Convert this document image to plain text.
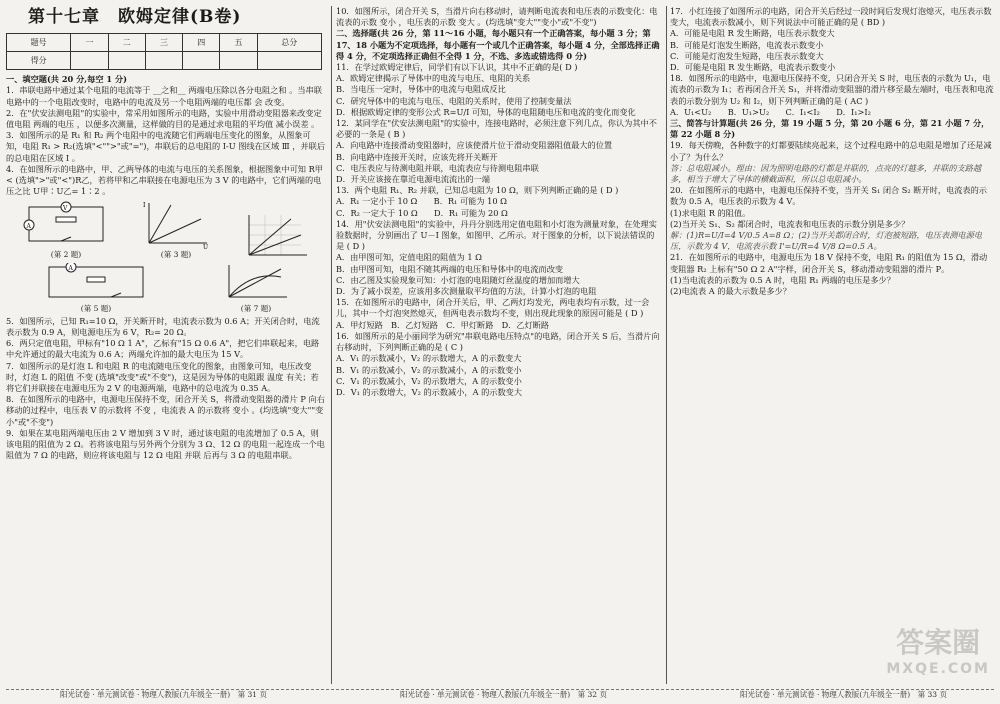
第十七章　欧姆定律(B卷)
题号	一	二	三	四	五	总分
得分						

一、填空题(共 20 分,每空 1 分)

1．串联电路中通过某个电阻的电流等于 __之和__ 两端电压除以各分电阻之和 。当串联电路中的一个电阻改变时，电路中的电流及另一个电阻两端的电压都 会 改变。

2．在"伏安法测电阻"的实验中，常采用如图所示的电路，实验中用滑动变阻器来改变定值电阻 两端的电压 ，以便多次测量，这样做的目的是通过求电阻的平均值 减小误差 。

3．如图所示的是 R₁ 和 R₂ 两个电阻中的电流随它们两端电压变化的图象，从图象可知，电阻 R₁ > R₂(选填"<"">"或"=")，串联后的总电阻的 I-U 图线在区域 Ⅲ ，并联后的总电阻在区域 Ⅰ 。

4．在如图所示的电路中，甲、乙两导体的电流与电压的关系图象，根据图象中可知 R甲 < (选填">"或"<")R乙，若将甲和乙串联接在电源电压为 3 V 的电路中，它们两端的电压之比 U甲∶U乙= 1∶2 。

V
A
(第 2 题)
I
U
(第 3 题)
A
(第 5 题)	(第 7 题)

5．如图所示，已知 R₁=10 Ω，开关断开时，电流表示数为 0.6 A；开关闭合时，电流表示数为 0.9 A，则电源电压为 6 V，R₂= 20 Ω。

6．两只定值电阻，甲标有"10 Ω 1 A"，乙标有"15 Ω 0.6 A"，把它们串联起来，电路中允许通过的最大电流为 0.6 A；两端允许加的最大电压为 15 V。

7．如图所示的是灯泡 L 和电阻 R 的电流随电压变化的图象，由图象可知，电压改变时，灯泡 L 的阻值 不变 (选填"改变"或"不变")，这是因为导体的电阻跟 温度 有关；若将它们并联接在电源电压为 2 V 的电源两端，电路中的总电流为 0.35 A。

8．在如图所示的电路中，电源电压保持不变，闭合开关 S，将滑动变阻器的滑片 P 向右移动的过程中，电压表 V 的示数将 不变 ，电流表 A 的示数将 变小 。(均选填"变大""变小"或"不变")

9．如果在某电阻两端电压由 2 V 增加到 3 V 时，通过该电阻的电流增加了 0.5 A，则该电阻的阻值为 2 Ω。若将该电阻与另外两个分别为 3 Ω、12 Ω 的电阻一起连成一个电阻值为 7 Ω 的电路，则应将该电阻与 12 Ω 电阻 并联 后再与 3 Ω 的电阻串联。

10．如图所示，闭合开关 S，当滑片向右移动时，请判断电流表和电压表的示数变化：电流表的示数 变小 ，电压表的示数 变大 。(均选填"变大""变小"或"不变")

二、选择题(共 26 分，第 11～16 小题，每小题只有一个正确答案，每小题 3 分；第 17、18 小题为不定项选择，每小题有一个或几个正确答案，每小题 4 分，全部选择正确得 4 分，不定项选择正确但不全得 1 分，不选、多选或错选得 0 分)

11．在学过欧姆定律后，同学们有以下认识，其中不正确的是( D )

A．欧姆定律揭示了导体中的电流与电压、电阻的关系

B．当电压一定时，导体中的电流与电阻成反比

C．研究导体中的电流与电压、电阻的关系时，使用了控制变量法

D．根据欧姆定律的变形公式 R=U/I 可知，导体的电阻随电压和电流的变化而变化

12．某同学在"伏安法测电阻"的实验中，连接电路时，必须注意下列几点，你认为其中不必要的一条是 ( B )

A．向电路中连接滑动变阻器时，应该使滑片位于滑动变阻器阻值最大的位置

B．向电路中连接开关时，应该先将开关断开

C．电压表应与待测电阻并联，电流表应与待测电阻串联

D．开关应该接在靠近电源电流流出的一端

13．两个电阻 R₁、R₂ 并联，已知总电阻为 10 Ω，则下列判断正确的是 ( D )

A．R₁ 一定小于 10 Ω　　B．R₁ 可能为 10 Ω

C．R₂ 一定大于 10 Ω　　D．R₁ 可能为 20 Ω

14．用"伏安法测电阻"的实验中，丹丹分别选用定值电阻和小灯泡为测量对象，在处理实验数据时，分别画出了 U－I 图象，如图甲、乙所示。对于图象的分析，以下说法错误的是 ( D )

A．由甲图可知，定值电阻的阻值为 1 Ω

B．由甲图可知，电阻不随其两端的电压和导体中的电流而改变

C．由乙图及实验现象可知：小灯泡的电阻随灯丝温度的增加而增大

D．为了减小误差，应该用多次测量取平均值的方法，计算小灯泡的电阻

15．在如图所示的电路中，闭合开关后，甲、乙两灯均发光，两电表均有示数，过一会儿，其中一个灯泡突然熄灭，但两电表示数均不变，则出现此现象的原因可能是 ( D )

A．甲灯短路　B．乙灯短路　C．甲灯断路　D．乙灯断路

16．如图所示的是小丽同学为研究"串联电路电压特点"的电路，闭合开关 S 后，当滑片向右移动时，下列判断正确的是 ( C )

A．V₁ 的示数减小，V₂ 的示数增大，A 的示数变大

B．V₁ 的示数减小，V₂ 的示数减小，A 的示数变小

C．V₁ 的示数减小，V₂ 的示数增大，A 的示数变小

D．V₁ 的示数增大，V₂ 的示数减小，A 的示数变大

17．小红连接了如图所示的电路，闭合开关后经过一段时间后发现灯泡熄灭，电压表示数变大，电流表示数减小，则下列说法中可能正确的是 ( BD )

A．可能是电阻 R 发生断路，电压表示数变大

B．可能是灯泡发生断路，电流表示数变小

C．可能是灯泡发生短路，电压表示数变大

D．可能是电阻 R 发生断路，电流表示数变小

18．如图所示的电路中，电源电压保持不变，只闭合开关 S 时，电压表的示数为 U₁，电流表的示数为 I₁；若再闭合开关 S₁，并将滑动变阻器的滑片移至最左端时，电压表和电流表的示数分别为 U₂ 和 I₂，则下列判断正确的是 ( AC )

A．U₁<U₂　　B．U₁>U₂　　C．I₁<I₂　　D．I₁>I₂

三、简答与计算题(共 26 分，第 19 小题 5 分，第 20 小题 6 分，第 21 小题 7 分，第 22 小题 8 分)

19．每天傍晚，各种数字的灯都要陆续亮起来，这个过程电路中的总电阻是增加了还是减小了？为什么？

答：总电阻减小。理由：因为照明电路的灯都是并联的，点亮的灯越多，并联的支路越多，相当于增大了导体的横截面积，所以总电阻减小。

20．在如图所示的电路中，电源电压保持不变，当开关 S₁ 闭合 S₂ 断开时，电流表的示数为 0.5 A，电压表的示数为 4 V。

(1)求电阻 R 的阻值。

(2)当开关 S₁、S₂ 都闭合时，电流表和电压表的示数分别是多少？

解：(1)R=U/I=4 V/0.5 A=8 Ω；(2)当开关都闭合时，灯泡被短路，电压表测电源电压，示数为 4 V，电流表示数 I'=U/R=4 V/8 Ω=0.5 A。

21．在如图所示的电路中，电源电压为 18 V 保持不变，电阻 R₁ 的阻值为 15 Ω，滑动变阻器 R₂ 上标有"50 Ω 2 A"字样，闭合开关 S，移动滑动变阻器的滑片 P。

(1)当电流表的示数为 0.5 A 时，电阻 R₁ 两端的电压是多少？

(2)电流表 A 的最大示数是多少？

阳光试卷 · 单元测试卷 · 物理人教版(九年级全一册)　第 31 页	阳光试卷 · 单元测试卷 · 物理人教版(九年级全一册)　第 32 页	阳光试卷 · 单元测试卷 · 物理人教版(九年级全一册)　第 33 页
答案圈
MXQE.COM
